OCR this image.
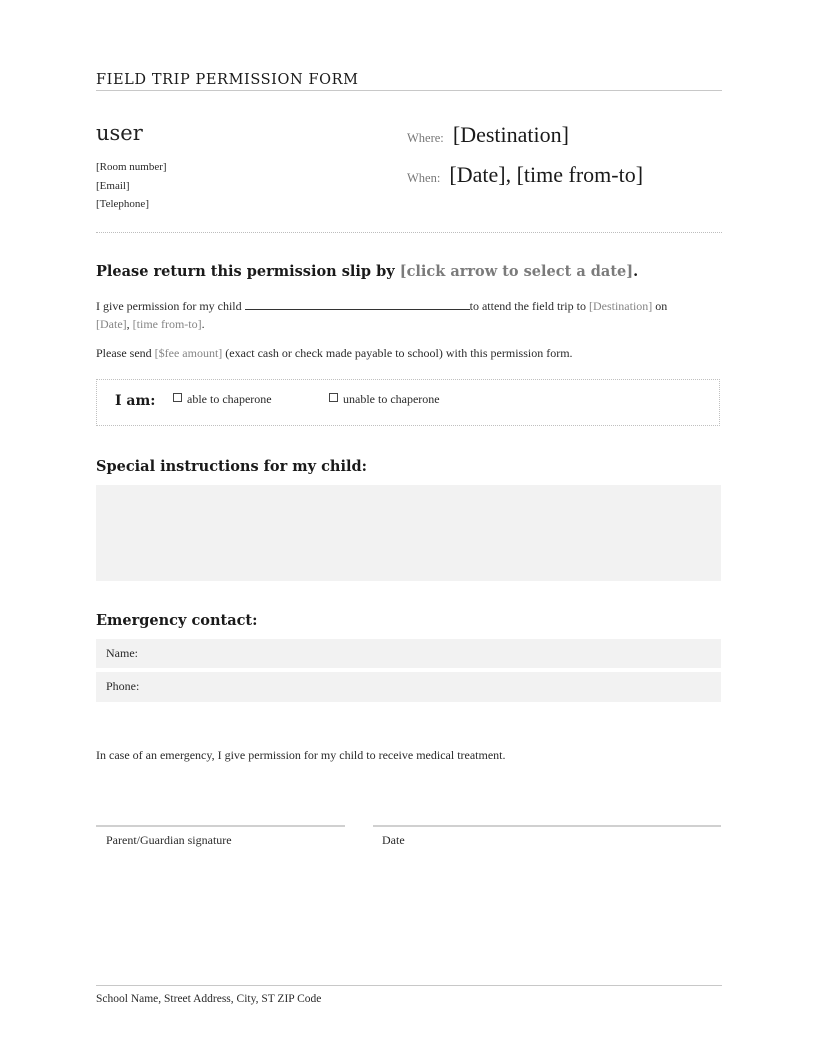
FIELD TRIP PERMISSION FORM
user
[Room number]
[Email]
[Telephone]
Where: [Destination]
When: [Date], [time from-to]
Please return this permission slip by [click arrow to select a date].
I give permission for my child	to attend the field trip to [Destination] on
[Date], [time from-to].
Please send [$fee amount] (exact cash or check made payable to school) with this permission form.
I am:	able to chaperone	unable to chaperone
Special instructions for my child:
Emergency contact:
Name:
Phone:
In case of an emergency, I give permission for my child to receive medical treatment.
Parent/Guardian signature	Date
School Name, Street Address, City, ST ZIP Code
